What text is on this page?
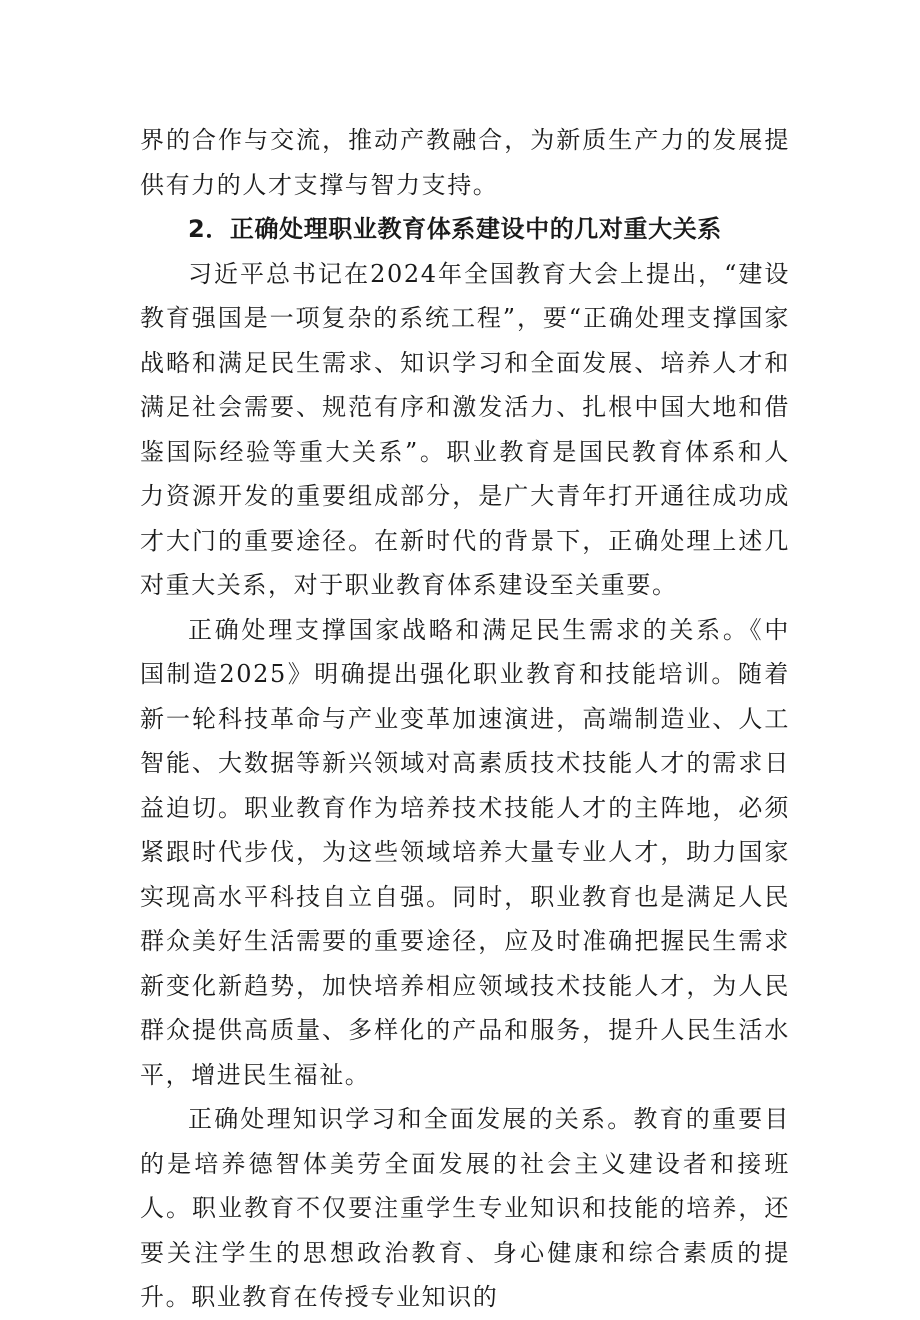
界的合作与交流，推动产教融合，为新质生产力的发展提供有力的人才支撑与智力支持。

2．正确处理职业教育体系建设中的几对重大关系

习近平总书记在2024年全国教育大会上提出，“建设教育强国是一项复杂的系统工程”，要“正确处理支撑国家战略和满足民生需求、知识学习和全面发展、培养人才和满足社会需要、规范有序和激发活力、扎根中国大地和借鉴国际经验等重大关系”。职业教育是国民教育体系和人力资源开发的重要组成部分，是广大青年打开通往成功成才大门的重要途径。在新时代的背景下，正确处理上述几对重大关系，对于职业教育体系建设至关重要。

正确处理支撑国家战略和满足民生需求的关系。《中国制造2025》明确提出强化职业教育和技能培训。随着新一轮科技革命与产业变革加速演进，高端制造业、人工智能、大数据等新兴领域对高素质技术技能人才的需求日益迫切。职业教育作为培养技术技能人才的主阵地，必须紧跟时代步伐，为这些领域培养大量专业人才，助力国家实现高水平科技自立自强。同时，职业教育也是满足人民群众美好生活需要的重要途径，应及时准确把握民生需求新变化新趋势，加快培养相应领域技术技能人才，为人民群众提供高质量、多样化的产品和服务，提升人民生活水平，增进民生福祉。

正确处理知识学习和全面发展的关系。教育的重要目的是培养德智体美劳全面发展的社会主义建设者和接班人。职业教育不仅要注重学生专业知识和技能的培养，还要关注学生的思想政治教育、身心健康和综合素质的提升。职业教育在传授专业知识的
